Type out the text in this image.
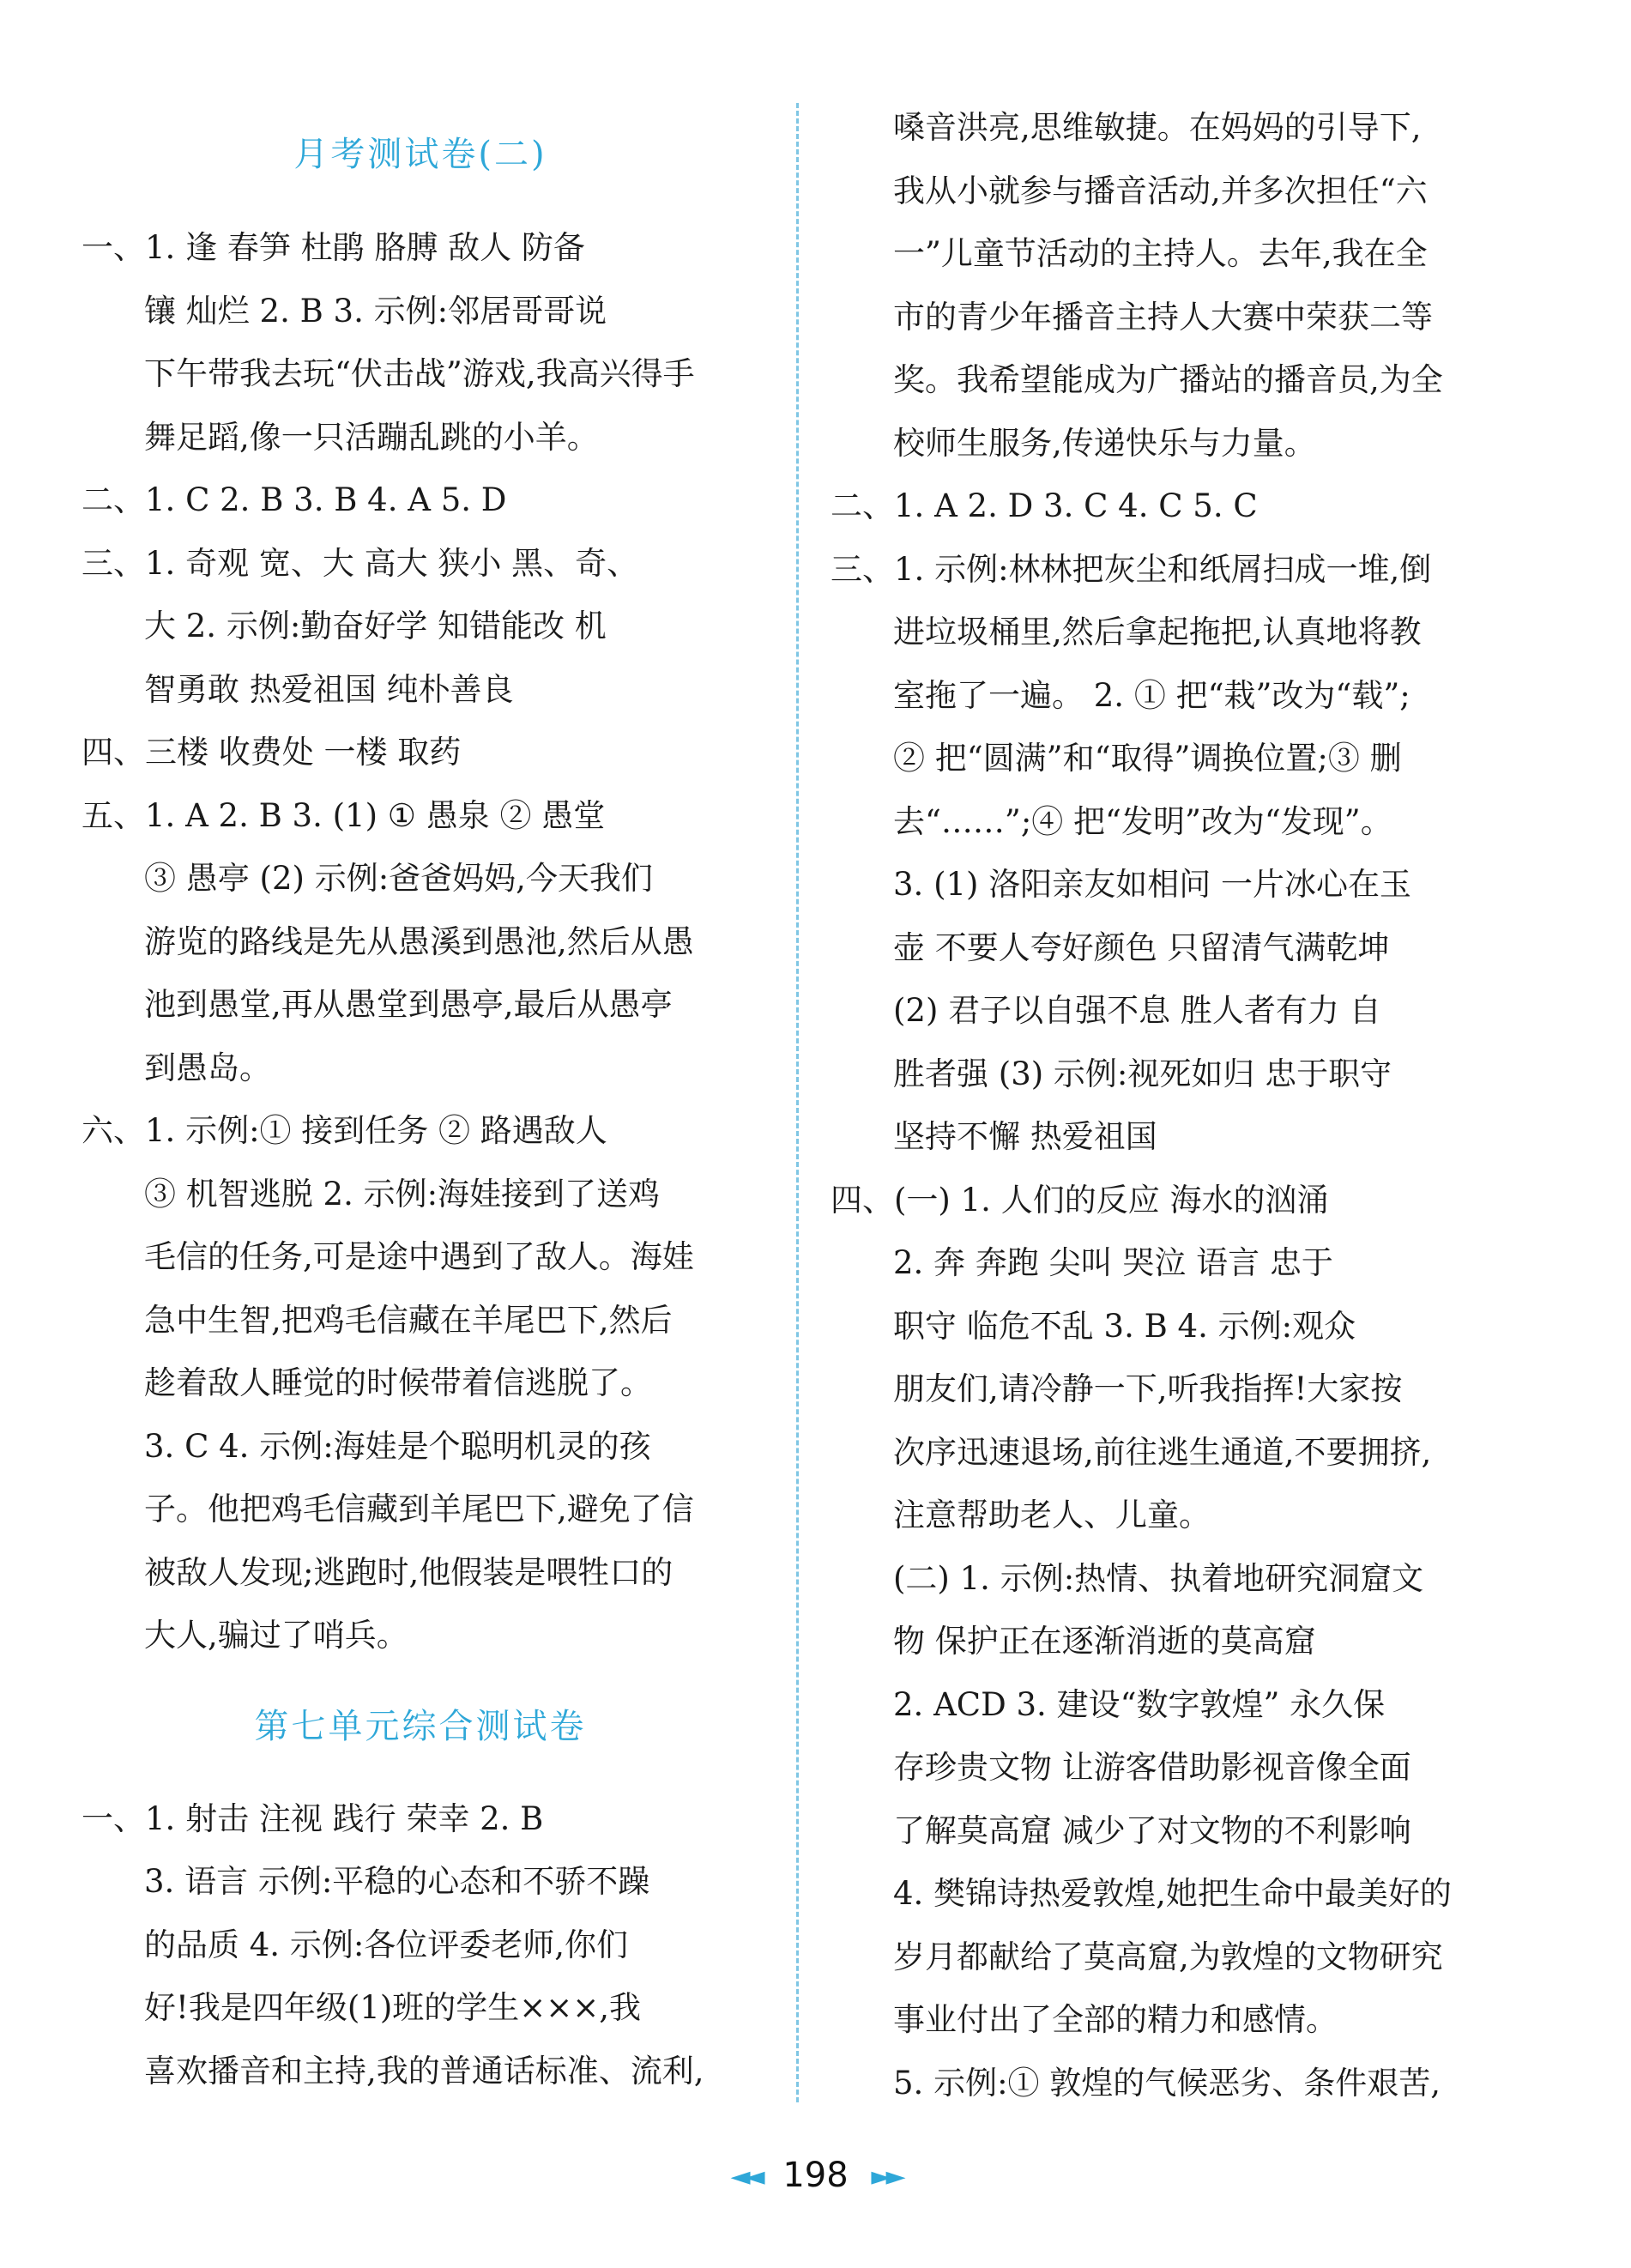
月考测试卷(二)
一、1. 逢 春笋 杜鹃 胳膊 敌人 防备
镶 灿烂 2. B 3. 示例:邻居哥哥说
下午带我去玩“伏击战”游戏,我高兴得手
舞足蹈,像一只活蹦乱跳的小羊。
二、1. C 2. B 3. B 4. A 5. D
三、1. 奇观 宽、大 高大 狭小 黑、奇、
大 2. 示例:勤奋好学 知错能改 机
智勇敢 热爱祖国 纯朴善良
四、三楼 收费处 一楼 取药
五、1. A 2. B 3. (1) ① 愚泉 ② 愚堂
③ 愚亭 (2) 示例:爸爸妈妈,今天我们
游览的路线是先从愚溪到愚池,然后从愚
池到愚堂,再从愚堂到愚亭,最后从愚亭
到愚岛。
六、1. 示例:① 接到任务 ② 路遇敌人
③ 机智逃脱 2. 示例:海娃接到了送鸡
毛信的任务,可是途中遇到了敌人。海娃
急中生智,把鸡毛信藏在羊尾巴下,然后
趁着敌人睡觉的时候带着信逃脱了。
3. C 4. 示例:海娃是个聪明机灵的孩
子。他把鸡毛信藏到羊尾巴下,避免了信
被敌人发现;逃跑时,他假装是喂牲口的
大人,骗过了哨兵。
第七单元综合测试卷
一、1. 射击 注视 践行 荣幸 2. B
3. 语言 示例:平稳的心态和不骄不躁
的品质 4. 示例:各位评委老师,你们
好!我是四年级(1)班的学生×××,我
喜欢播音和主持,我的普通话标准、流利,
嗓音洪亮,思维敏捷。在妈妈的引导下,
我从小就参与播音活动,并多次担任“六
一”儿童节活动的主持人。去年,我在全
市的青少年播音主持人大赛中荣获二等
奖。我希望能成为广播站的播音员,为全
校师生服务,传递快乐与力量。
二、1. A 2. D 3. C 4. C 5. C
三、1. 示例:林林把灰尘和纸屑扫成一堆,倒
进垃圾桶里,然后拿起拖把,认真地将教
室拖了一遍。 2. ① 把“栽”改为“载”;
② 把“圆满”和“取得”调换位置;③ 删
去“……”;④ 把“发明”改为“发现”。
3. (1) 洛阳亲友如相问 一片冰心在玉
壶 不要人夸好颜色 只留清气满乾坤
(2) 君子以自强不息 胜人者有力 自
胜者强 (3) 示例:视死如归 忠于职守
坚持不懈 热爱祖国
四、(一) 1. 人们的反应 海水的汹涌
2. 奔 奔跑 尖叫 哭泣 语言 忠于
职守 临危不乱 3. B 4. 示例:观众
朋友们,请冷静一下,听我指挥!大家按
次序迅速退场,前往逃生通道,不要拥挤,
注意帮助老人、儿童。
(二) 1. 示例:热情、执着地研究洞窟文
物 保护正在逐渐消逝的莫高窟
2. ACD 3. 建设“数字敦煌” 永久保
存珍贵文物 让游客借助影视音像全面
了解莫高窟 减少了对文物的不利影响
4. 樊锦诗热爱敦煌,她把生命中最美好的
岁月都献给了莫高窟,为敦煌的文物研究
事业付出了全部的精力和感情。
5. 示例:① 敦煌的气候恶劣、条件艰苦,
◄◄ 198 ►►
